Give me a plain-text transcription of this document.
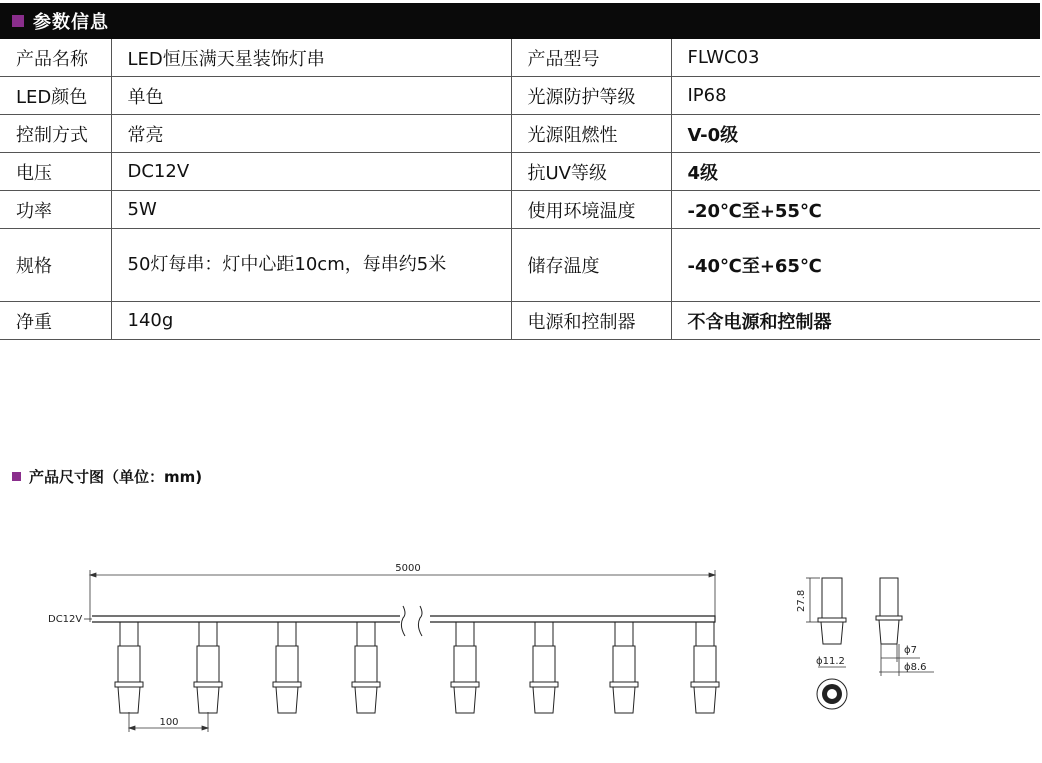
参数信息
产品名称	LED恒压满天星装饰灯串	产品型号	FLWC03
LED颜色	单色	光源防护等级	IP68
控制方式	常亮	光源阻燃性	V-0级
电压	DC12V	抗UV等级	4级
功率	5W	使用环境温度	-20℃至+55℃
规格	50灯每串：灯中心距10cm，每串约5米	储存温度	-40℃至+65℃
净重	140g	电源和控制器	不含电源和控制器
产品尺寸图（单位：mm)
5000
DC12V
100
27.8
ϕ11.2
ϕ7
ϕ8.6
